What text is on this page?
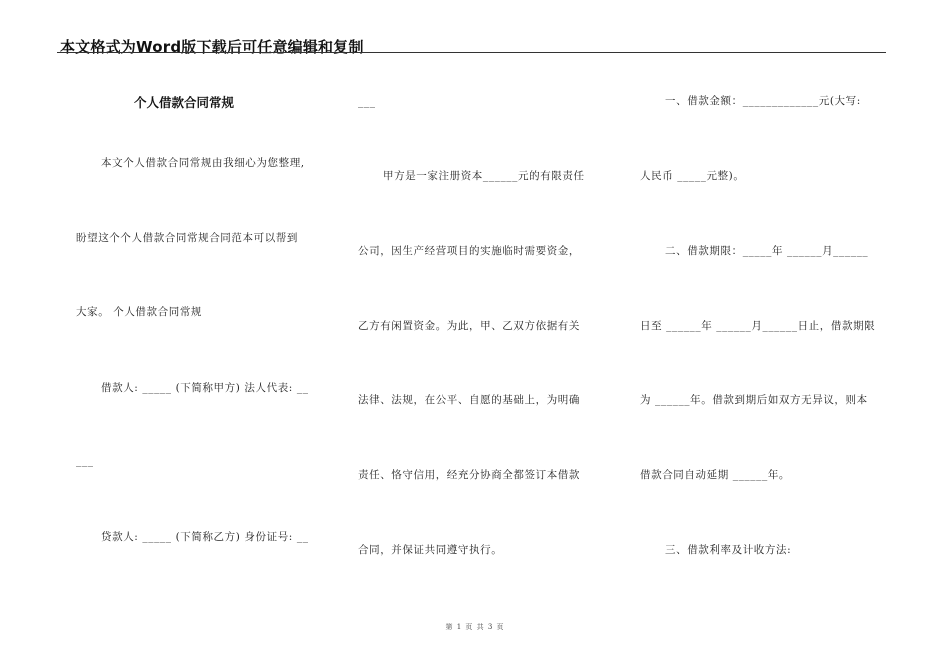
本文格式为Word版下载后可任意编辑和复制
个人借款合同常规
本文个人借款合同常规由我细心为您整理,
盼望这个个人借款合同常规合同范本可以帮到
大家。 个人借款合同常规
借款人: _____ (下简称甲方) 法人代表: __
___
贷款人: _____ (下简称乙方) 身份证号: __
___
甲方是一家注册资本______元的有限责任
公司，因生产经营项目的实施临时需要资金，
乙方有闲置资金。为此，甲、乙双方依据有关
法律、法规，在公平、自愿的基础上，为明确
责任、恪守信用，经充分协商全都签订本借款
合同，并保证共同遵守执行。
一、借款金额：_____________元(大写:
人民币 _____元整)。
二、借款期限：_____年 ______月______
日至 ______年 ______月______日止，借款期限
为 ______年。借款到期后如双方无异议，则本
借款合同自动延期 ______年。
三、借款利率及计收方法:
第 1 页 共 3 页
